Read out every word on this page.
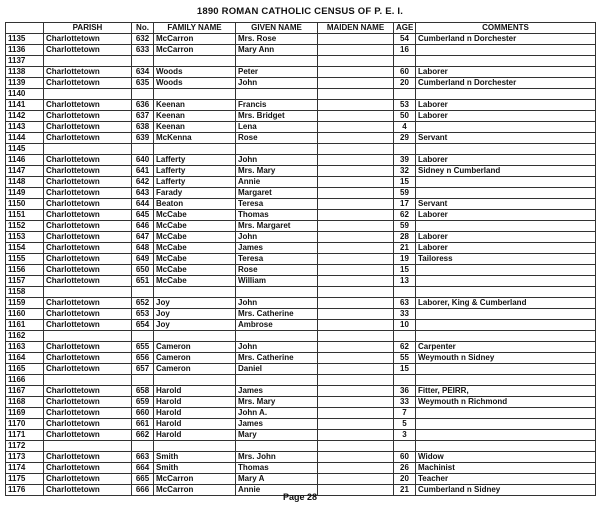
1890 ROMAN CATHOLIC CENSUS OF P. E. I.
	PARISH	No.	FAMILY NAME	GIVEN NAME	MAIDEN NAME	AGE	COMMENTS
1135	Charlottetown	632	McCarron	Mrs. Rose		54	Cumberland n Dorchester
1136	Charlottetown	633	McCarron	Mary Ann		16	
1137							
1138	Charlottetown	634	Woods	Peter		60	Laborer
1139	Charlottetown	635	Woods	John		20	Cumberland n Dorchester
1140							
1141	Charlottetown	636	Keenan	Francis		53	Laborer
1142	Charlottetown	637	Keenan	Mrs. Bridget		50	Laborer
1143	Charlottetown	638	Keenan	Lena		4	
1144	Charlottetown	639	McKenna	Rose		29	Servant
1145							
1146	Charlottetown	640	Lafferty	John		39	Laborer
1147	Charlottetown	641	Lafferty	Mrs. Mary		32	Sidney n Cumberland
1148	Charlottetown	642	Lafferty	Annie		15	
1149	Charlottetown	643	Farady	Margaret		59	
1150	Charlottetown	644	Beaton	Teresa		17	Servant
1151	Charlottetown	645	McCabe	Thomas		62	Laborer
1152	Charlottetown	646	McCabe	Mrs. Margaret		59	
1153	Charlottetown	647	McCabe	John		28	Laborer
1154	Charlottetown	648	McCabe	James		21	Laborer
1155	Charlottetown	649	McCabe	Teresa		19	Tailoress
1156	Charlottetown	650	McCabe	Rose		15	
1157	Charlottetown	651	McCabe	William		13	
1158							
1159	Charlottetown	652	Joy	John		63	Laborer, King & Cumberland
1160	Charlottetown	653	Joy	Mrs. Catherine		33	
1161	Charlottetown	654	Joy	Ambrose		10	
1162							
1163	Charlottetown	655	Cameron	John		62	Carpenter
1164	Charlottetown	656	Cameron	Mrs. Catherine		55	Weymouth n Sidney
1165	Charlottetown	657	Cameron	Daniel		15	
1166							
1167	Charlottetown	658	Harold	James		36	Fitter, PEIRR,
1168	Charlottetown	659	Harold	Mrs. Mary		33	Weymouth n Richmond
1169	Charlottetown	660	Harold	John A.		7	
1170	Charlottetown	661	Harold	James		5	
1171	Charlottetown	662	Harold	Mary		3	
1172							
1173	Charlottetown	663	Smith	Mrs. John		60	Widow
1174	Charlottetown	664	Smith	Thomas		26	Machinist
1175	Charlottetown	665	McCarron	Mary A		20	Teacher
1176	Charlottetown	666	McCarron	Annie		21	Cumberland n Sidney
Page 28
